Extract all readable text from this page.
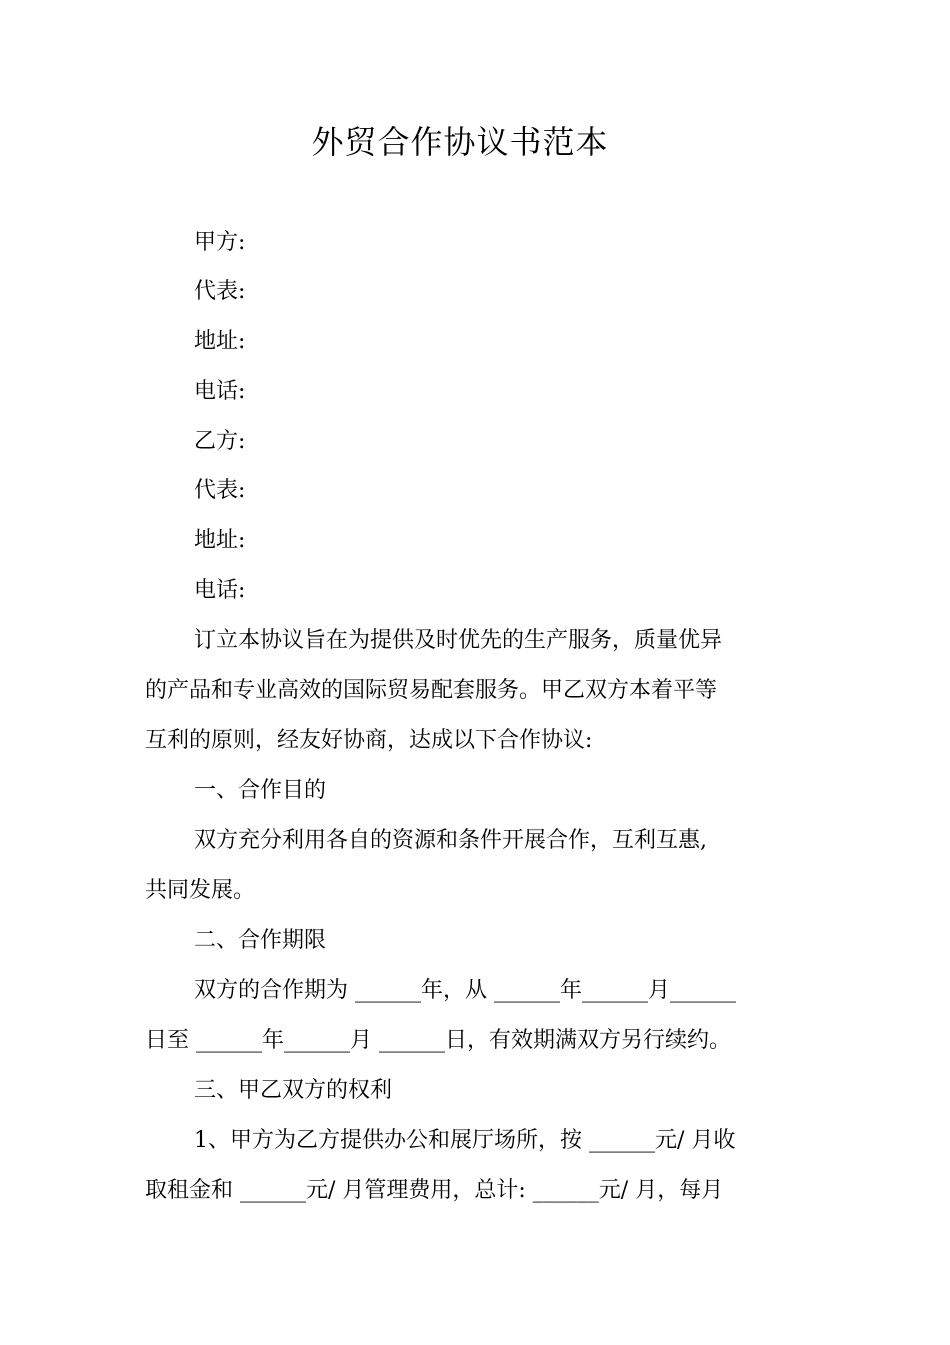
外贸合作协议书范本
甲方:
代表:
地址:
电话:
乙方:
代表:
地址:
电话:
订立本协议旨在为提供及时优先的生产服务，质量优异
的产品和专业高效的国际贸易配套服务。甲乙双方本着平等
互利的原则，经友好协商，达成以下合作协议:
一、合作目的
双方充分利用各自的资源和条件开展合作，互利互惠,
共同发展。
二、合作期限
双方的合作期为 ______年，从 ______年______月______
日至 ______年______月 ______日，有效期满双方另行续约。
三、甲乙双方的权利
1、甲方为乙方提供办公和展厅场所，按 ______元/ 月收
取租金和 ______元/ 月管理费用，总计: ______元/ 月，每月
